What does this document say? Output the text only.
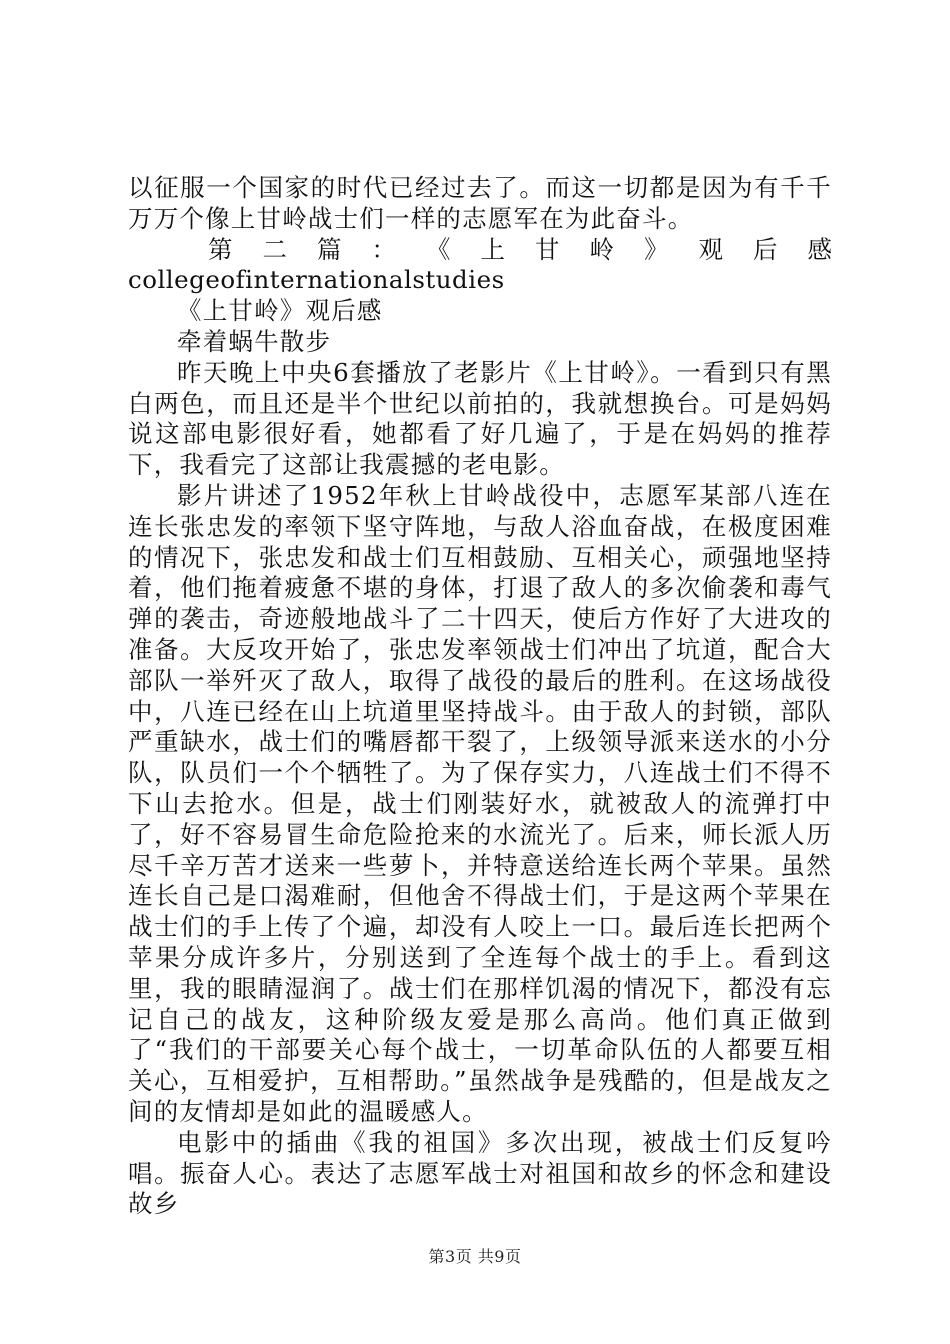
以征服一个国家的时代已经过去了。而这一切都是因为有千千万万个像上甘岭战士们一样的志愿军在为此奋斗。

第 二 篇 ： 《 上 甘 岭 》 观 后 感

collegeofinternationalstudies

《上甘岭》观后感

牵着蜗牛散步

昨天晚上中央6套播放了老影片《上甘岭》。一看到只有黑白两色，而且还是半个世纪以前拍的，我就想换台。可是妈妈说这部电影很好看，她都看了好几遍了，于是在妈妈的推荐下，我看完了这部让我震撼的老电影。

影片讲述了1952年秋上甘岭战役中，志愿军某部八连在连长张忠发的率领下坚守阵地，与敌人浴血奋战，在极度困难的情况下，张忠发和战士们互相鼓励、互相关心，顽强地坚持着，他们拖着疲惫不堪的身体，打退了敌人的多次偷袭和毒气弹的袭击，奇迹般地战斗了二十四天，使后方作好了大进攻的准备。大反攻开始了，张忠发率领战士们冲出了坑道，配合大部队一举歼灭了敌人，取得了战役的最后的胜利。在这场战役中，八连已经在山上坑道里坚持战斗。由于敌人的封锁，部队严重缺水，战士们的嘴唇都干裂了，上级领导派来送水的小分队，队员们一个个牺牲了。为了保存实力，八连战士们不得不下山去抢水。但是，战士们刚装好水，就被敌人的流弹打中了，好不容易冒生命危险抢来的水流光了。后来，师长派人历尽千辛万苦才送来一些萝卜，并特意送给连长两个苹果。虽然连长自己是口渴难耐，但他舍不得战士们，于是这两个苹果在战士们的手上传了个遍，却没有人咬上一口。最后连长把两个苹果分成许多片，分别送到了全连每个战士的手上。看到这里，我的眼睛湿润了。战士们在那样饥渴的情况下，都没有忘记自己的战友，这种阶级友爱是那么高尚。他们真正做到了“我们的干部要关心每个战士，一切革命队伍的人都要互相关心，互相爱护，互相帮助。”虽然战争是残酷的，但是战友之间的友情却是如此的温暖感人。

电影中的插曲《我的祖国》多次出现，被战士们反复吟唱。振奋人心。表达了志愿军战士对祖国和故乡的怀念和建设故乡

第3页 共9页
